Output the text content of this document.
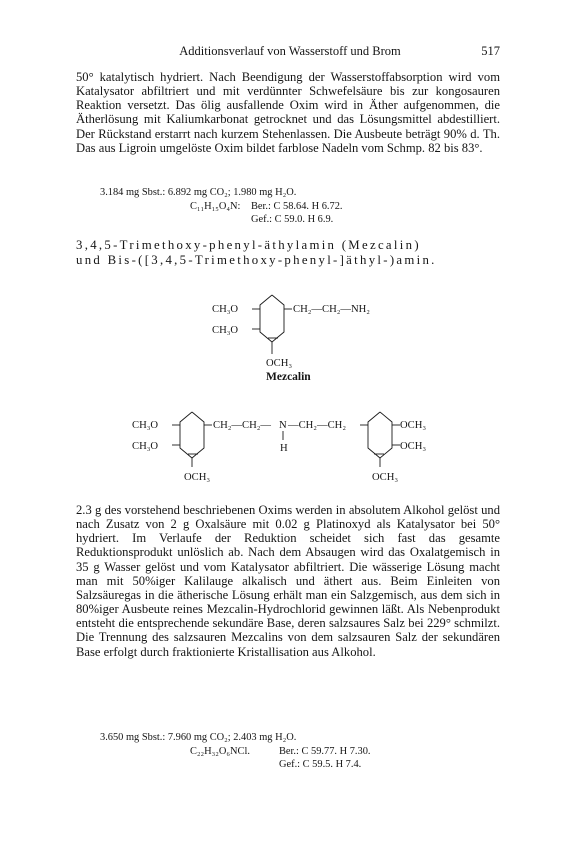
Additionsverlauf von Wasserstoff und Brom	517

50° katalytisch hydriert. Nach Beendigung der Wasserstoffabsorption wird vom Katalysator abfiltriert und mit verdünnter Schwefelsäure bis zur kongosauren Reaktion versetzt. Das ölig ausfallende Oxim wird in Äther aufgenommen, die Ätherlösung mit Kaliumkarbonat getrocknet und das Lösungsmittel abdestilliert. Der Rückstand erstarrt nach kurzem Stehenlassen. Die Ausbeute beträgt 90% d. Th. Das aus Ligroin umgelöste Oxim bildet farblose Nadeln vom Schmp. 82 bis 83°.

3.184 mg Sbst.: 6.892 mg CO₂; 1.980 mg H₂O.
C₁₁H₁₅O₄N: Ber.: C 58.64. H 6.72.
Gef.: C 59.0. H 6.9.
3,4,5-Trimethoxy-phenyl-äthylamin (Mezcalin)
und Bis-([3,4,5-Trimethoxy-phenyl-]äthyl-)amin.
CH₃O
CH₃O
OCH₃
CH₂—CH₂—NH₂
Mezcalin
CH₃O
CH₃O
OCH₃
CH₂—CH₂— N
H
—CH₂—CH₂	OCH₃
OCH₃
OCH₃

2.3 g des vorstehend beschriebenen Oxims werden in absolutem Alkohol gelöst und nach Zusatz von 2 g Oxalsäure mit 0.02 g Platinoxyd als Katalysator bei 50° hydriert. Im Verlaufe der Reduktion scheidet sich fast das gesamte Reduktionsprodukt unlöslich ab. Nach dem Absaugen wird das Oxalatgemisch in 35 g Wasser gelöst und vom Katalysator abfiltriert. Die wässerige Lösung macht man mit 50%iger Kalilauge alkalisch und äthert aus. Beim Einleiten von Salzsäuregas in die ätherische Lösung erhält man ein Salzgemisch, aus dem sich in 80%iger Ausbeute reines Mezcalin-Hydrochlorid gewinnen läßt. Als Nebenprodukt entsteht die entsprechende sekundäre Base, deren salzsaures Salz bei 229° schmilzt. Die Trennung des salzsauren Mezcalins von dem salzsauren Salz der sekundären Base erfolgt durch fraktionierte Kristallisation aus Alkohol.

3.650 mg Sbst.: 7.960 mg CO₂; 2.403 mg H₂O.
C₂₂H₃₂O₆NCl.	Ber.: C 59.77. H 7.30.
Gef.: C 59.5. H 7.4.
